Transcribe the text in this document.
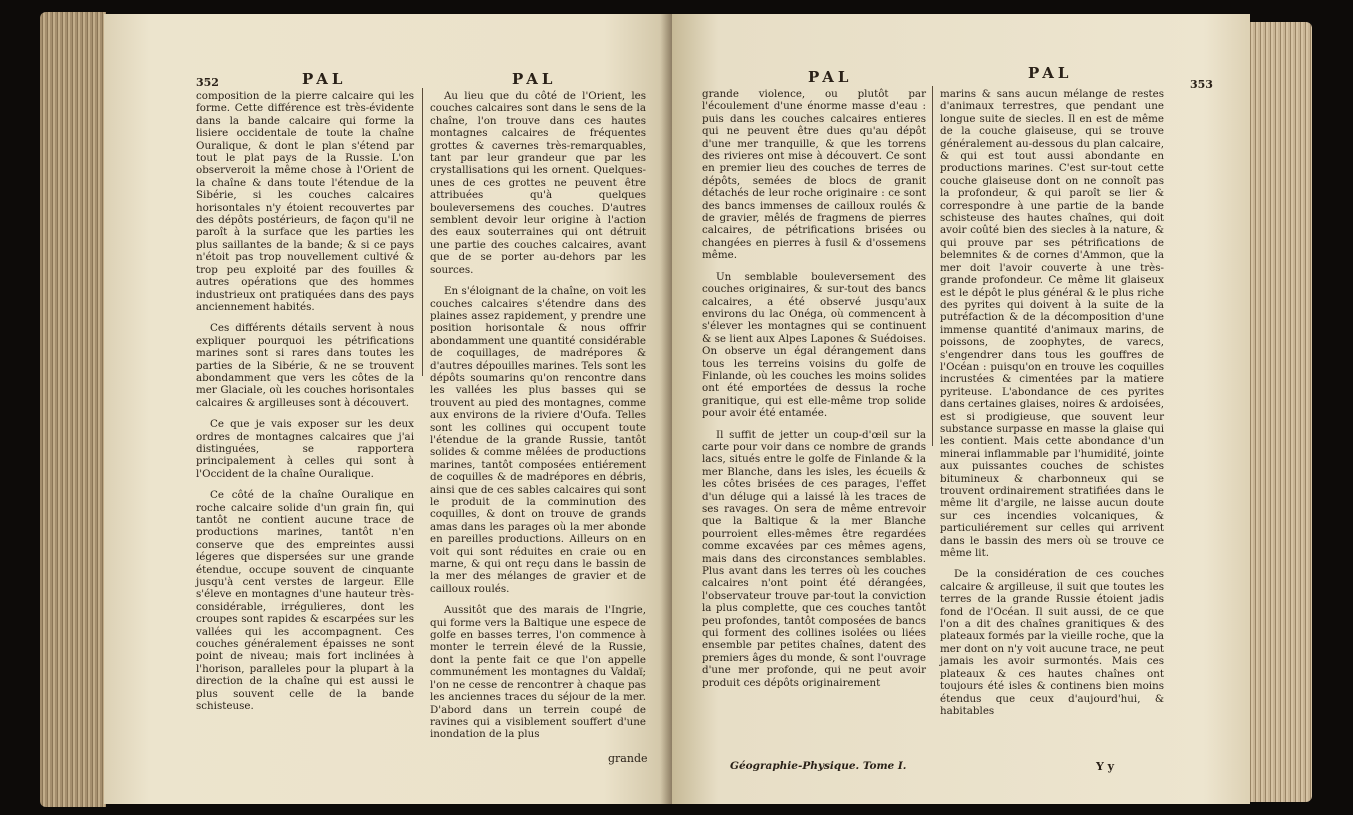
352	PAL	PAL

composition de la pierre calcaire qui les forme. Cette différence est très-évidente dans la bande calcaire qui forme la lisiere occidentale de toute la chaîne Ouralique, & dont le plan s'étend par tout le plat pays de la Russie. L'on observeroit la même chose à l'Orient de la chaîne & dans toute l'étendue de la Sibérie, si les couches calcaires horisontales n'y étoient recouvertes par des dépôts postérieurs, de façon qu'il ne paroît à la surface que les parties les plus saillantes de la bande; & si ce pays n'étoit pas trop nouvellement cultivé & trop peu exploité par des fouilles & autres opérations que des hommes industrieux ont pratiquées dans des pays anciennement habités.

Ces différents détails servent à nous expliquer pourquoi les pétrifications marines sont si rares dans toutes les parties de la Sibérie, & ne se trouvent abondamment que vers les côtes de la mer Glaciale, où les couches horisontales calcaires & argilleuses sont à découvert.

Ce que je vais exposer sur les deux ordres de montagnes calcaires que j'ai distinguées, se rapportera principalement à celles qui sont à l'Occident de la chaîne Ouralique.

Ce côté de la chaîne Ouralique en roche calcaire solide d'un grain fin, qui tantôt ne contient aucune trace de productions marines, tantôt n'en conserve que des empreintes aussi légeres que dispersées sur une grande étendue, occupe souvent de cinquante jusqu'à cent verstes de largeur. Elle s'éleve en montagnes d'une hauteur très-considérable, irrégulieres, dont les croupes sont rapides & escarpées sur les vallées qui les accompagnent. Ces couches généralement épaisses ne sont point de niveau; mais fort inclinées à l'horison, paralleles pour la plupart à la direction de la chaîne qui est aussi le plus souvent celle de la bande schisteuse.

Au lieu que du côté de l'Orient, les couches calcaires sont dans le sens de la chaîne, l'on trouve dans ces hautes montagnes calcaires de fréquentes grottes & cavernes très-remarquables, tant par leur grandeur que par les crystallisations qui les ornent. Quelques-unes de ces grottes ne peuvent être attribuées qu'à quelques bouleversemens des couches. D'autres semblent devoir leur origine à l'action des eaux souterraines qui ont détruit une partie des couches calcaires, avant que de se porter au-dehors par les sources.

En s'éloignant de la chaîne, on voit les couches calcaires s'étendre dans des plaines assez rapidement, y prendre une position horisontale & nous offrir abondamment une quantité considérable de coquillages, de madrépores & d'autres dépouilles marines. Tels sont les dépôts soumarins qu'on rencontre dans les vallées les plus basses qui se trouvent au pied des montagnes, comme aux environs de la riviere d'Oufa. Telles sont les collines qui occupent toute l'étendue de la grande Russie, tantôt solides & comme mêlées de productions marines, tantôt composées entiérement de coquilles & de madrépores en débris, ainsi que de ces sables calcaires qui sont le produit de la comminution des coquilles, & dont on trouve de grands amas dans les parages où la mer abonde en pareilles productions. Ailleurs on en voit qui sont réduites en craie ou en marne, & qui ont reçu dans le bassin de la mer des mélanges de gravier et de cailloux roulés.

Aussitôt que des marais de l'Ingrie, qui forme vers la Baltique une espece de golfe en basses terres, l'on commence à monter le terrein élevé de la Russie, dont la pente fait ce que l'on appelle communément les montagnes du Valdaï; l'on ne cesse de rencontrer à chaque pas les anciennes traces du séjour de la mer. D'abord dans un terrein coupé de ravines qui a visiblement souffert d'une inondation de la plus

grande
PAL	PAL
353

grande violence, ou plutôt par l'écoulement d'une énorme masse d'eau : puis dans les couches calcaires entieres qui ne peuvent être dues qu'au dépôt d'une mer tranquille, & que les torrens des rivieres ont mise à découvert. Ce sont en premier lieu des couches de terres de dépôts, semées de blocs de granit détachés de leur roche originaire : ce sont des bancs immenses de cailloux roulés & de gravier, mêlés de fragmens de pierres calcaires, de pétrifications brisées ou changées en pierres à fusil & d'ossemens même.

Un semblable bouleversement des couches originaires, & sur-tout des bancs calcaires, a été observé jusqu'aux environs du lac Onéga, où commencent à s'élever les montagnes qui se continuent & se lient aux Alpes Lapones & Suédoises. On observe un égal dérangement dans tous les terreins voisins du golfe de Finlande, où les couches les moins solides ont été emportées de dessus la roche granitique, qui est elle-même trop solide pour avoir été entamée.

Il suffit de jetter un coup-d'œil sur la carte pour voir dans ce nombre de grands lacs, situés entre le golfe de Finlande & la mer Blanche, dans les isles, les écueils & les côtes brisées de ces parages, l'effet d'un déluge qui a laissé là les traces de ses ravages. On sera de même entrevoir que la Baltique & la mer Blanche pourroient elles-mêmes être regardées comme excavées par ces mêmes agens, mais dans des circonstances semblables. Plus avant dans les terres où les couches calcaires n'ont point été dérangées, l'observateur trouve par-tout la conviction la plus complette, que ces couches tantôt peu profondes, tantôt composées de bancs qui forment des collines isolées ou liées ensemble par petites chaînes, datent des premiers âges du monde, & sont l'ouvrage d'une mer profonde, qui ne peut avoir produit ces dépôts originairement

marins & sans aucun mélange de restes d'animaux terrestres, que pendant une longue suite de siecles. Il en est de même de la couche glaiseuse, qui se trouve généralement au-dessous du plan calcaire, & qui est tout aussi abondante en productions marines. C'est sur-tout cette couche glaiseuse dont on ne connoît pas la profondeur, & qui paroît se lier & correspondre à une partie de la bande schisteuse des hautes chaînes, qui doit avoir coûté bien des siecles à la nature, & qui prouve par ses pétrifications de belemnites & de cornes d'Ammon, que la mer doit l'avoir couverte à une très-grande profondeur. Ce même lit glaiseux est le dépôt le plus général & le plus riche des pyrites qui doivent à la suite de la putréfaction & de la décomposition d'une immense quantité d'animaux marins, de poissons, de zoophytes, de varecs, s'engendrer dans tous les gouffres de l'Océan : puisqu'on en trouve les coquilles incrustées & cimentées par la matiere pyriteuse. L'abondance de ces pyrites dans certaines glaises, noires & ardoisées, est si prodigieuse, que souvent leur substance surpasse en masse la glaise qui les contient. Mais cette abondance d'un minerai inflammable par l'humidité, jointe aux puissantes couches de schistes bitumineux & charbonneux qui se trouvent ordinairement stratifiées dans le même lit d'argile, ne laisse aucun doute sur ces incendies volcaniques, & particuliérement sur celles qui arrivent dans le bassin des mers où se trouve ce même lit.

De la considération de ces couches calcaire & argilleuse, il suit que toutes les terres de la grande Russie étoient jadis fond de l'Océan. Il suit aussi, de ce que l'on a dit des chaînes granitiques & des plateaux formés par la vieille roche, que la mer dont on n'y voit aucune trace, ne peut jamais les avoir surmontés. Mais ces plateaux & ces hautes chaînes ont toujours été isles & continens bien moins étendus que ceux d'aujourd'hui, & habitables

Géographie-Physique. Tome I.	Y y
